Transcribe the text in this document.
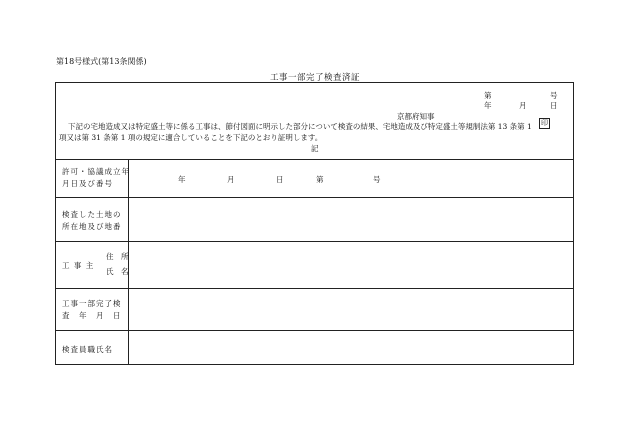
第18号様式(第13条関係)
工事一部完了検査済証
第	号
年	月	日
京都府知事
印
下記の宅地造成又は特定盛土等に係る工事は、節付図面に明示した部分について検査の結果、宅地造成及び特定盛土等規制法第 13 条第 1
項又は第 31 条第 1 項の規定に適合していることを下記のとおり証明します。
記
許可・協議成立年
月日及び番号	年	月	日	第	号
検査した土地の
所在地及び地番
工 事 主
住　所
氏　名
工事一部完了検
査　年　月　日
検査員職氏名
